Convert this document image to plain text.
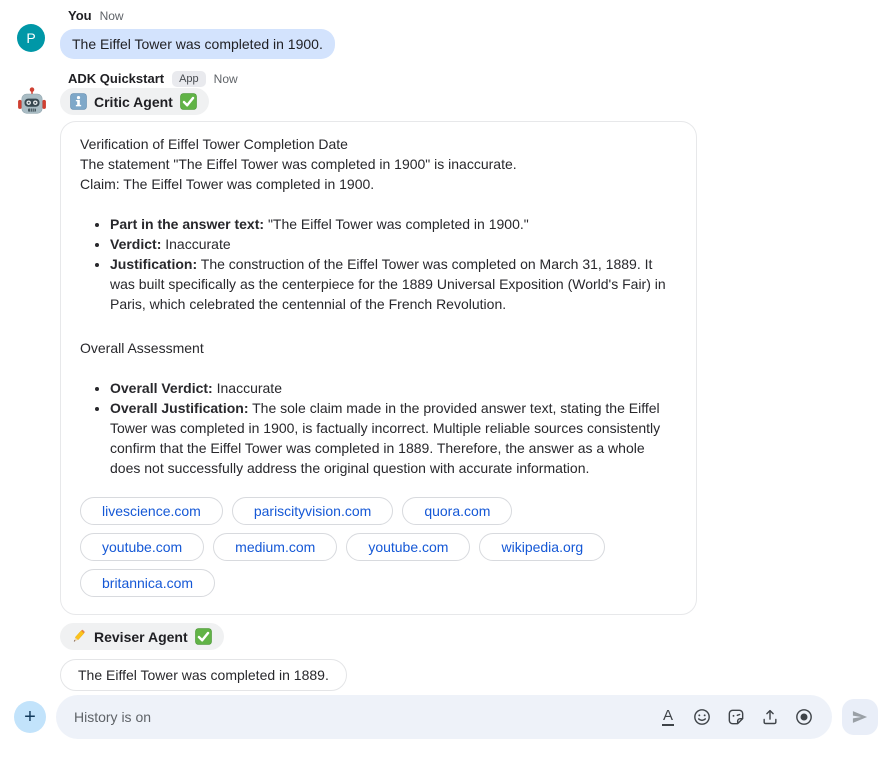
P
You Now
The Eiffel Tower was completed in 1900.
ADK Quickstart	App	Now
Critic Agent
Verification of Eiffel Tower Completion Date
The statement "The Eiffel Tower was completed in 1900" is inaccurate.
Claim: The Eiffel Tower was completed in 1900.
• Part in the answer text: "The Eiffel Tower was completed in 1900."
• Verdict: Inaccurate
• Justification: The construction of the Eiffel Tower was completed on March 31, 1889. It was built specifically as the centerpiece for the 1889 Universal Exposition (World's Fair) in Paris, which celebrated the centennial of the French Revolution.
Overall Assessment
• Overall Verdict: Inaccurate
• Overall Justification: The sole claim made in the provided answer text, stating the Eiffel Tower was completed in 1900, is factually incorrect. Multiple reliable sources consistently confirm that the Eiffel Tower was completed in 1889. Therefore, the answer as a whole does not successfully address the original question with accurate information.
livescience.com	pariscityvision.com	quora.com
youtube.com	medium.com	youtube.com	wikipedia.org
britannica.com
Reviser Agent
The Eiffel Tower was completed in 1889.
+
History is on	A
